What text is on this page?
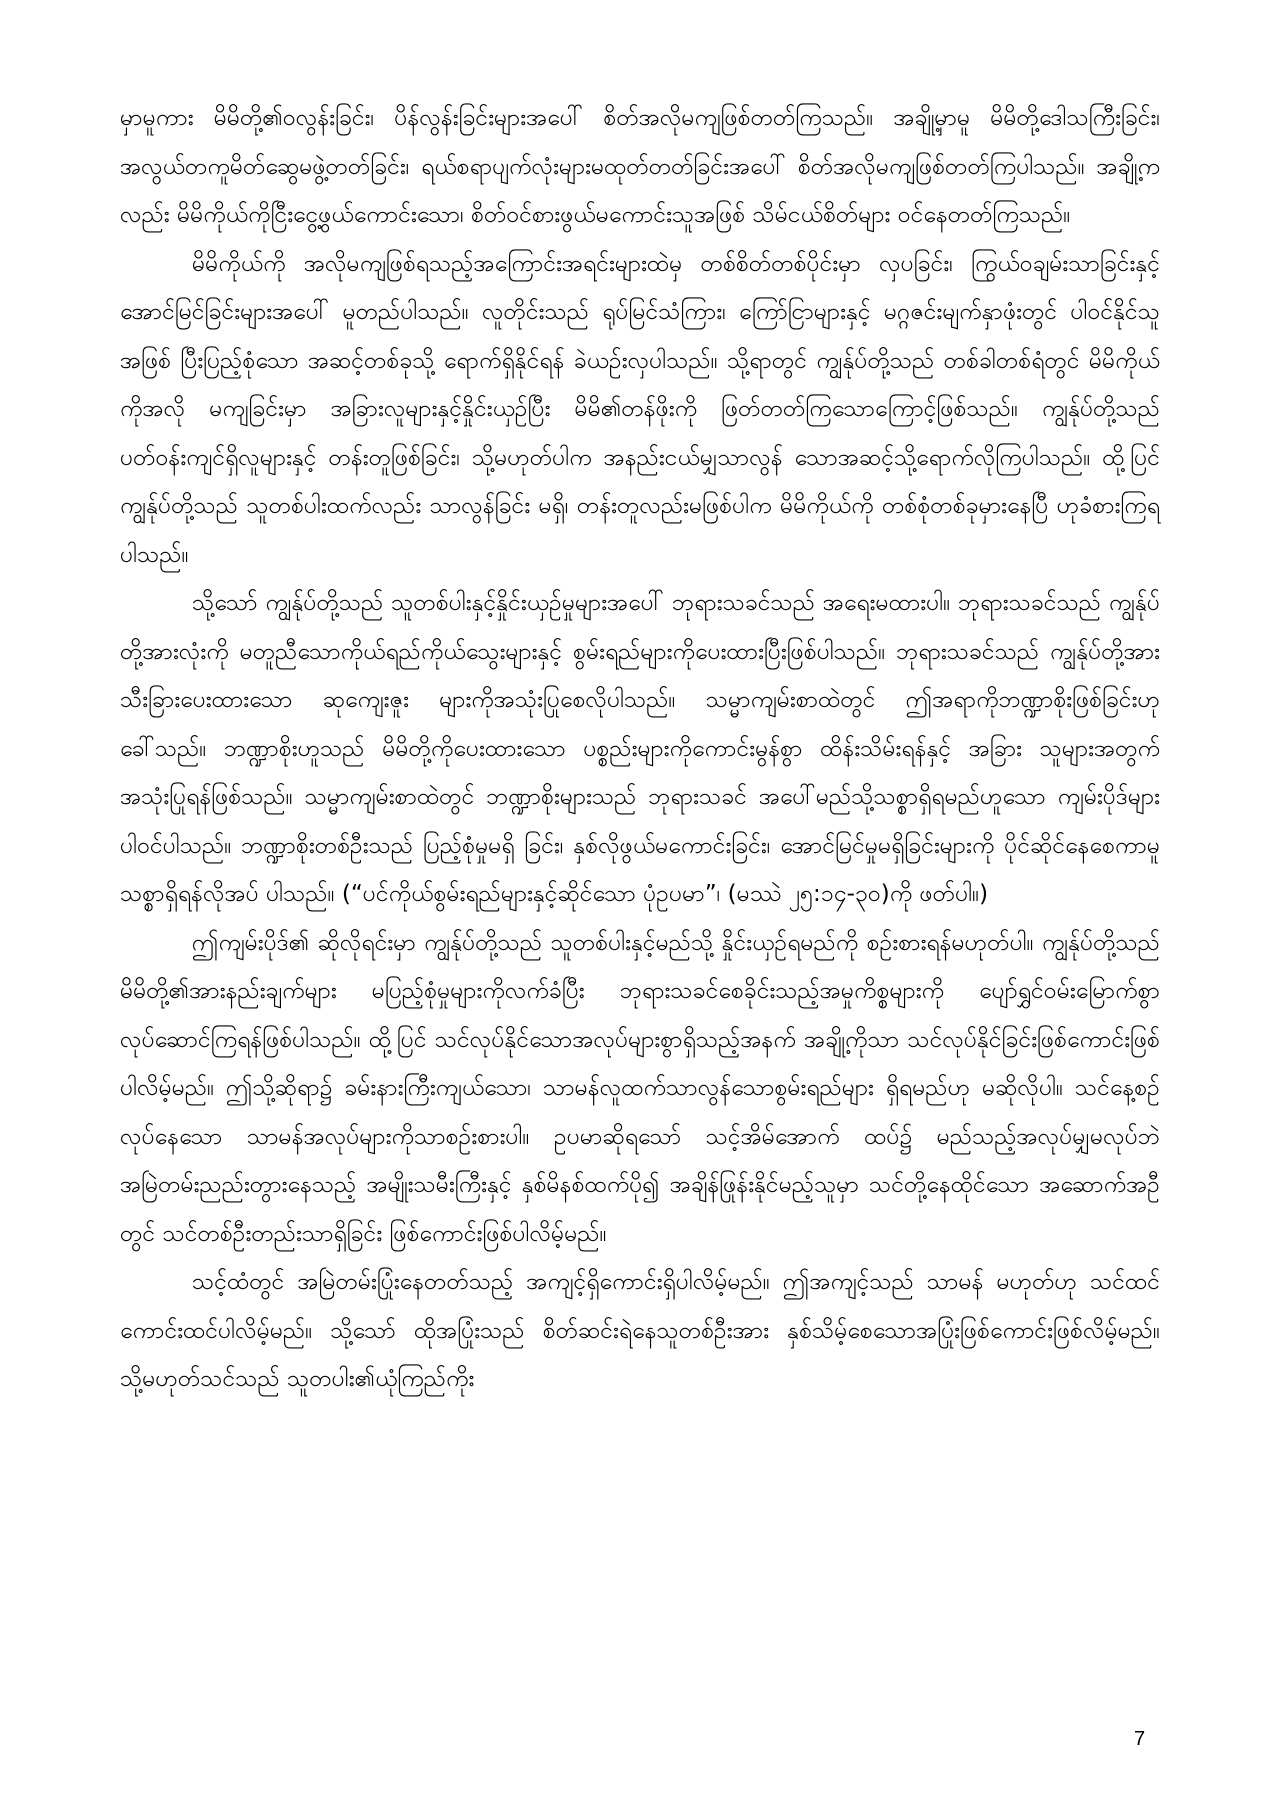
မှာမူကား မိမိတို့၏ဝလွန်းခြင်း၊ ပိန်လွန်းခြင်းများအပေါ် စိတ်အလိုမကျဖြစ်တတ်ကြသည်။ အချို့မှာမူ မိမိတို့ဒေါသကြီးခြင်း၊ အလွယ်တကူမိတ်ဆွေမဖွဲ့တတ်ခြင်း၊ ရယ်စရာပျက်လုံးများမထုတ်တတ်ခြင်းအပေါ် စိတ်အလိုမကျဖြစ်တတ်ကြပါသည်။ အချို့ကလည်း မိမိကိုယ်ကိုငြီးငွေ့ဖွယ်ကောင်းသော၊ စိတ်ဝင်စားဖွယ်မကောင်းသူအဖြစ် သိမ်ငယ်စိတ်များ ဝင်နေတတ်ကြသည်။

မိမိကိုယ်ကို အလိုမကျဖြစ်ရသည့်အကြောင်းအရင်းများထဲမှ တစ်စိတ်တစ်ပိုင်းမှာ လှပခြင်း၊ ကြွယ်ဝချမ်းသာခြင်းနှင့် အောင်မြင်ခြင်းများအပေါ် မူတည်ပါသည်။ လူတိုင်းသည် ရုပ်မြင်သံကြား၊ ကြော်ငြာများနှင့် မဂ္ဂဇင်းမျက်နှာဖုံးတွင် ပါဝင်နိုင်သူအဖြစ် ပြီးပြည့်စုံသော အဆင့်တစ်ခုသို့ ရောက်ရှိနိုင်ရန် ခဲယဉ်းလှပါသည်။ သို့ရာတွင် ကျွန်ုပ်တို့သည် တစ်ခါတစ်ရံတွင် မိမိကိုယ်ကိုအလို မကျခြင်းမှာ အခြားလူများနှင့်နှိုင်းယှဉ်ပြီး မိမိ၏တန်ဖိုးကို ဖြတ်တတ်ကြသောကြောင့်ဖြစ်သည်။ ကျွန်ုပ်တို့သည် ပတ်ဝန်းကျင်ရှိလူများနှင့် တန်းတူဖြစ်ခြင်း၊ သို့မဟုတ်ပါက အနည်းငယ်မျှသာလွန် သောအဆင့်သို့ရောက်လိုကြပါသည်။ ထို့ပြင် ကျွန်ုပ်တို့သည် သူတစ်ပါးထက်လည်း သာလွန်ခြင်း မရှိ၊ တန်းတူလည်းမဖြစ်ပါက မိမိကိုယ်ကို တစ်စုံတစ်ခုမှားနေပြီ ဟုခံစားကြရပါသည်။

သို့သော် ကျွန်ုပ်တို့သည် သူတစ်ပါးနှင့်နှိုင်းယှဉ်မှုများအပေါ် ဘုရားသခင်သည် အရေးမထားပါ။ ဘုရားသခင်သည် ကျွန်ုပ်တို့အားလုံးကို မတူညီသောကိုယ်ရည်ကိုယ်သွေးများနှင့် စွမ်းရည်များကိုပေးထားပြီးဖြစ်ပါသည်။ ဘုရားသခင်သည် ကျွန်ုပ်တို့အား သီးခြားပေးထားသော ဆုကျေးဇူး များကိုအသုံးပြုစေလိုပါသည်။ သမ္မာကျမ်းစာထဲတွင် ဤအရာကိုဘဏ္ဍာစိုးဖြစ်ခြင်းဟု ခေါ်သည်။ ဘဏ္ဍာစိုးဟူသည် မိမိတို့ကိုပေးထားသော ပစ္စည်းများကိုကောင်းမွန်စွာ ထိန်းသိမ်းရန်နှင့် အခြား သူများအတွက်အသုံးပြုရန်ဖြစ်သည်။ သမ္မာကျမ်းစာထဲတွင် ဘဏ္ဍာစိုးများသည် ဘုရားသခင် အပေါ်မည်သို့သစ္စာရှိရမည်ဟူသော ကျမ်းပိုဒ်များပါဝင်ပါသည်။ ဘဏ္ဍာစိုးတစ်ဦးသည် ပြည့်စုံမှုမရှိ ခြင်း၊ နှစ်လိုဖွယ်မကောင်းခြင်း၊ အောင်မြင်မှုမရှိခြင်းများကို ပိုင်ဆိုင်နေစေကာမူ သစ္စာရှိရန်လိုအပ် ပါသည်။ (“ပင်ကိုယ်စွမ်းရည်များနှင့်ဆိုင်သော ပုံဥပမာ”၊ (မဿဲ ၂၅:၁၄-၃၀)ကို ဖတ်ပါ။)

ဤကျမ်းပိုဒ်၏ ဆိုလိုရင်းမှာ ကျွန်ုပ်တို့သည် သူတစ်ပါးနှင့်မည်သို့ နှိုင်းယှဉ်ရမည်ကို စဉ်းစားရန်မဟုတ်ပါ။ ကျွန်ုပ်တို့သည် မိမိတို့၏အားနည်းချက်များ မပြည့်စုံမှုများကိုလက်ခံပြီး ဘုရားသခင်စေခိုင်းသည့်အမှုကိစ္စများကို ပျော်ရွှင်ဝမ်းမြောက်စွာ လုပ်ဆောင်ကြရန်ဖြစ်ပါသည်။ ထို့ပြင် သင်လုပ်နိုင်သောအလုပ်များစွာရှိသည့်အနက် အချို့ကိုသာ သင်လုပ်နိုင်ခြင်းဖြစ်ကောင်းဖြစ်ပါလိမ့်မည်။ ဤသို့ဆိုရာ၌ ခမ်းနားကြီးကျယ်သော၊ သာမန်လူထက်သာလွန်သောစွမ်းရည်များ ရှိရမည်ဟု မဆိုလိုပါ။ သင်နေ့စဉ်လုပ်နေသော သာမန်အလုပ်များကိုသာစဉ်းစားပါ။ ဥပမာဆိုရသော် သင့်အိမ်အောက် ထပ်၌ မည်သည့်အလုပ်မျှမလုပ်ဘဲ အမြဲတမ်းညည်းတွားနေသည့် အမျိုးသမီးကြီးနှင့် နှစ်မိနစ်ထက်ပို၍ အချိန်ဖြုန်းနိုင်မည့်သူမှာ သင်တို့နေထိုင်သော အဆောက်အဦတွင် သင်တစ်ဦးတည်းသာရှိခြင်း ဖြစ်ကောင်းဖြစ်ပါလိမ့်မည်။

သင့်ထံတွင် အမြဲတမ်းပြုံးနေတတ်သည့် အကျင့်ရှိကောင်းရှိပါလိမ့်မည်။ ဤအကျင့်သည် သာမန် မဟုတ်ဟု သင်ထင်ကောင်းထင်ပါလိမ့်မည်။ သို့သော် ထိုအပြုံးသည် စိတ်ဆင်းရဲနေသူတစ်ဦးအား နှစ်သိမ့်စေသောအပြုံးဖြစ်ကောင်းဖြစ်လိမ့်မည်။ သို့မဟုတ်သင်သည် သူတပါး၏ယုံကြည်ကိုး

7
